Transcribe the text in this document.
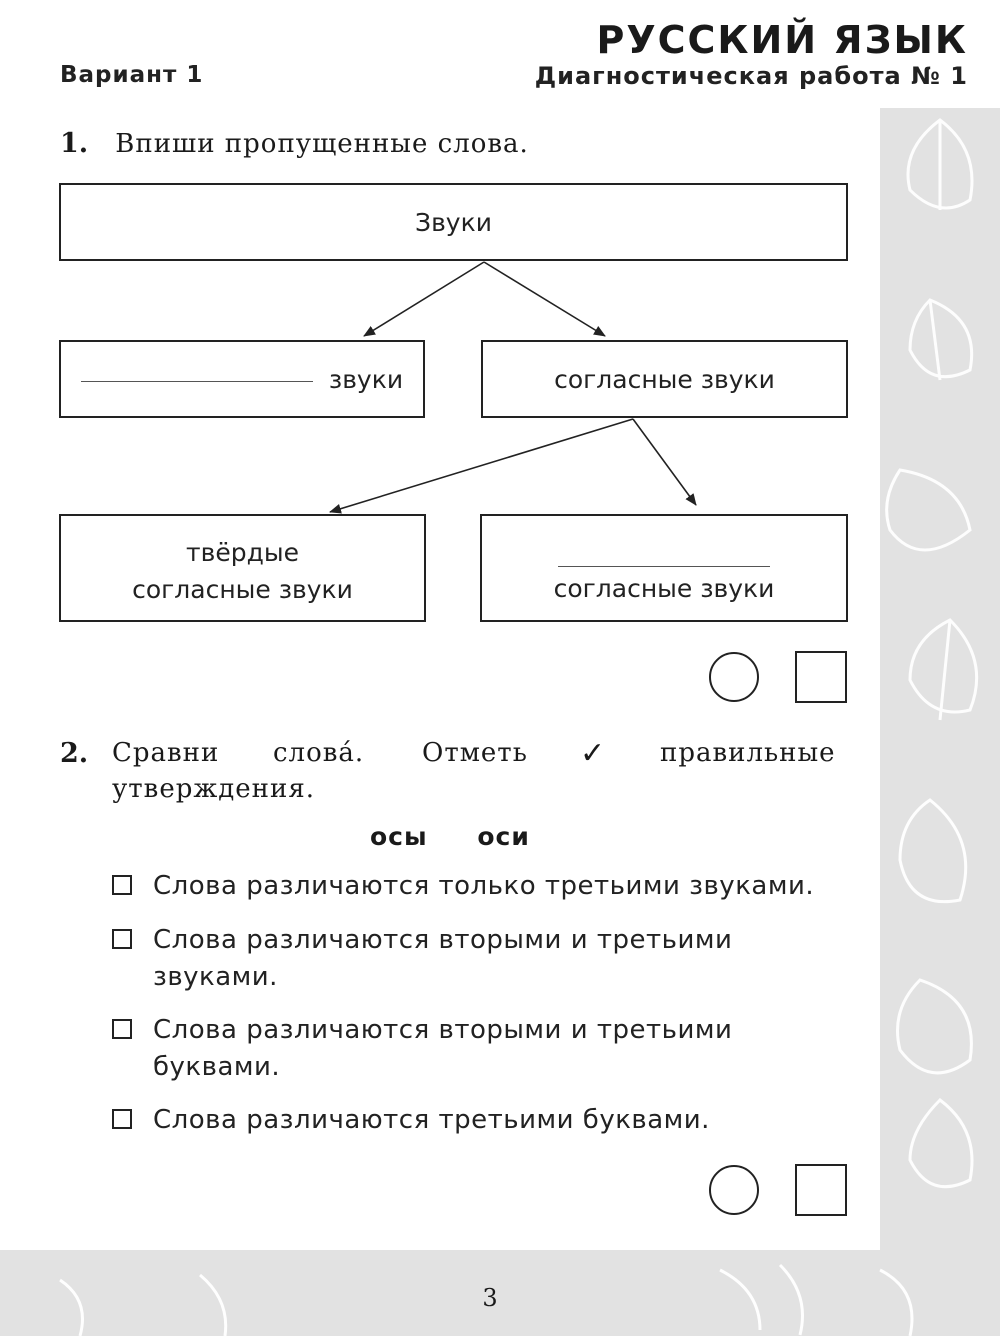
Вариант 1
РУССКИЙ ЯЗЫК
Диагностическая работа № 1
1. Впиши пропущенные слова.
Звуки
звуки	согласные звуки
твёрдые
согласные звуки	согласные звуки
2. Сравни слова́. Отметь ✓ правильные
утверждения.
осы оси
Слова различаются только третьими звуками.
Слова различаются вторыми и третьими звуками.
Слова различаются вторыми и третьими буквами.
Слова различаются третьими буквами.
3
